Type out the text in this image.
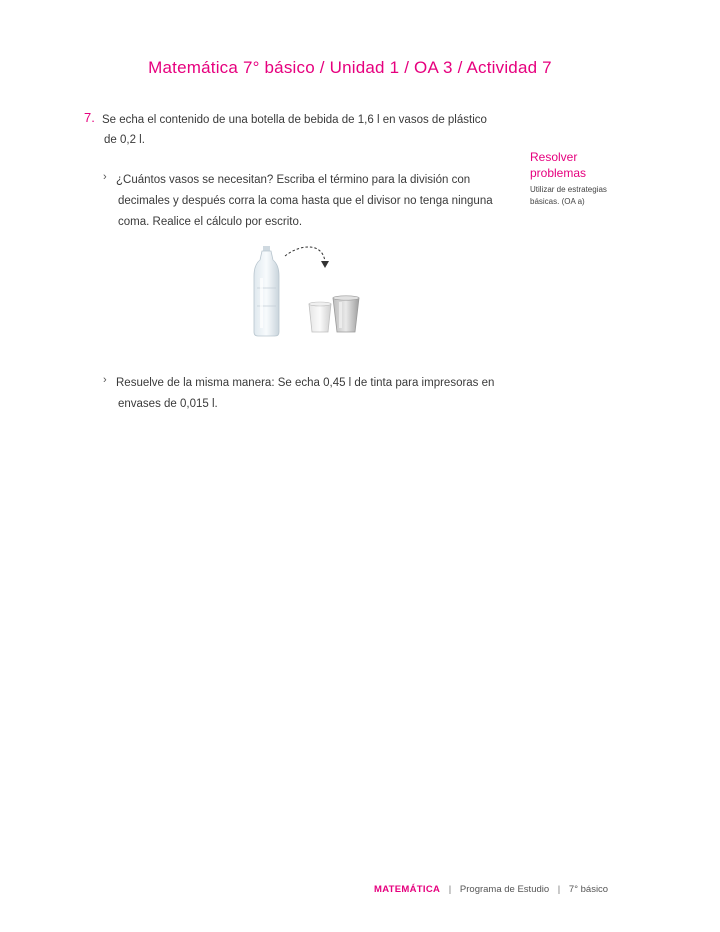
Matemática 7° básico / Unidad 1 / OA 3 / Actividad 7
7. Se echa el contenido de una botella de bebida de 1,6 l en vasos de plástico
de 0,2 l.
› ¿Cuántos vasos se necesitan? Escriba el término para la división con
decimales y después corra la coma hasta que el divisor no tenga ninguna
coma. Realice el cálculo por escrito.
› Resuelve de la misma manera: Se echa 0,45 l de tinta para impresoras en
envases de 0,015 l.
Resolver
problemas
Utilizar de estrategias
básicas. (OA a)
MATEMÁTICA | Programa de Estudio | 7° básico
